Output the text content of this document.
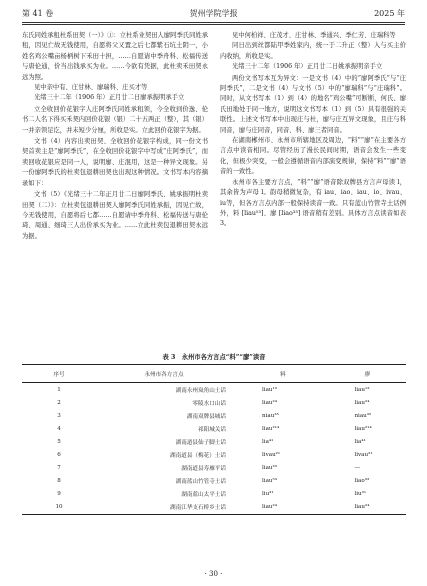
第 41 卷	贺州学院学报	2025 年

东氏同姓承租杜系田契（一）》①：立杜系业契田人廖阿季氏同姓承租，因见亡故无钱使用，自愿将父又置之后七都紫石坑土阴一，小姓名鸡公嘴亩杨柄树下禾田十担，……自愿请中季舟科、松福传送与唐伦通，价当出钱承买为业。……今欲有凭据，此杜卖禾田契永远为照。

见中亲中有、庄甘林、廖瑞科、庄买才等

光绪三十二年（1906 年）正月廿二日廖承振明承手立

立全收回价花银字人庄阿季氏同姓承租领，今全收到价逸、伦书二人名下得买禾契内回价花银（银）二十五两正（整），其（银）一并亲领足讫，并未短少分厘，所收是实。立此回价花银字为据。

文书（4）内容出卖田契、全收回价花银字构成，同一份文书契首卖主是“廖阿季氏”，在全收回价花银字中写成“庄阿季氏”，而卖回收花银应是同一人，说明廖、庄混用，这是一种异文现象。另一份廖阿季氏的杜卖包退耕田契也出现这种情况。文书写本内容摘录如下：

文书（5）《光绪三十二年正月廿二日廖阿季氏、姚承振明杜卖田契（二）》：立杜卖包退耕田契人廖阿季氏同姓承振，因见亡故，今无钱使用，自愿将后七都……自愿请中季舟科、松福传送与唐伦琦、周通、细琦三人出价承买为业。……立此杜卖包退耕田契永远为据。

见中何柏祥、庄茂才、庄甘林、季通兴、季仁芳、庄瑞科等

同日出到丝都陆甲季姓家内，统一于二升正（整）入与买主价内收纳，所收是实。

光绪三十二年（1906 年）正月廿二日姚承振明亲手立

两份文书写本互为异文：一是文书（4）中的“廖阿季氏”与“庄阿季氏”，二是文书（4）与文书（5）中的“廖瑞科”与“庄瑞科”。同时，从文书写本（1）到（4）的地名“鸡公嘴”可断断，何氏、廖氏田地处于同一地方，说明这文书写本（1）到（5）具有很强的关联性。上述文书写本中出现庄与杜，廖与庄互异文现象，且庄与科同音，廖与庄同音，同音、科、廖三者同音。

在湖南郴州市、永州市所辖地区及周边，“料”“廖”在主要各方言点中读音相同。尽管经历了漫长民间时期，语音会发生一些变化，但极少突变，一般会遵循语音内部演变规律，保持“料”“廖”语音的一致性。

永州市各主要方言点，“料”“廖”语音除双牌县方言声母读 l，其余皆为声母 l。韵母稍微复杂，有 iau、iao、iau、io、ivau、iu等，但各方言点内部一般保持读音一致。只有蓝山竹管寺土话例外，料 [liau⁵³]、廖 [liao³³] 语音稍有差别。具体方言点读音如表 3。

表 3　永州市各方言点“料”“廖”读音
序号	永州市各方言点	料	廖
1	湖南永州岚角山土话	liau¹³	liau¹³
2	零陵水口山话	liau²⁴	liau²⁴
3	湖南双牌县城话	niau³⁵	niau³⁵
4	祁阳城关话	liau²¹⁴	liau²¹⁴
5	湖南道县仙子脚土话	lia⁴¹	lia⁴¹
6	湖南道县（梅花）土话	livau²¹	livau²¹
7	湖南道县寿雁平话	liau³³	—
8	湖南蓝山竹管寺土话	liau⁵³	liao³³
9	湖南蓝山太平土话	liu³¹	liu³¹
10	湖南江华支石桥乡土话	liau²⁴	liau²⁴
· 30 ·
